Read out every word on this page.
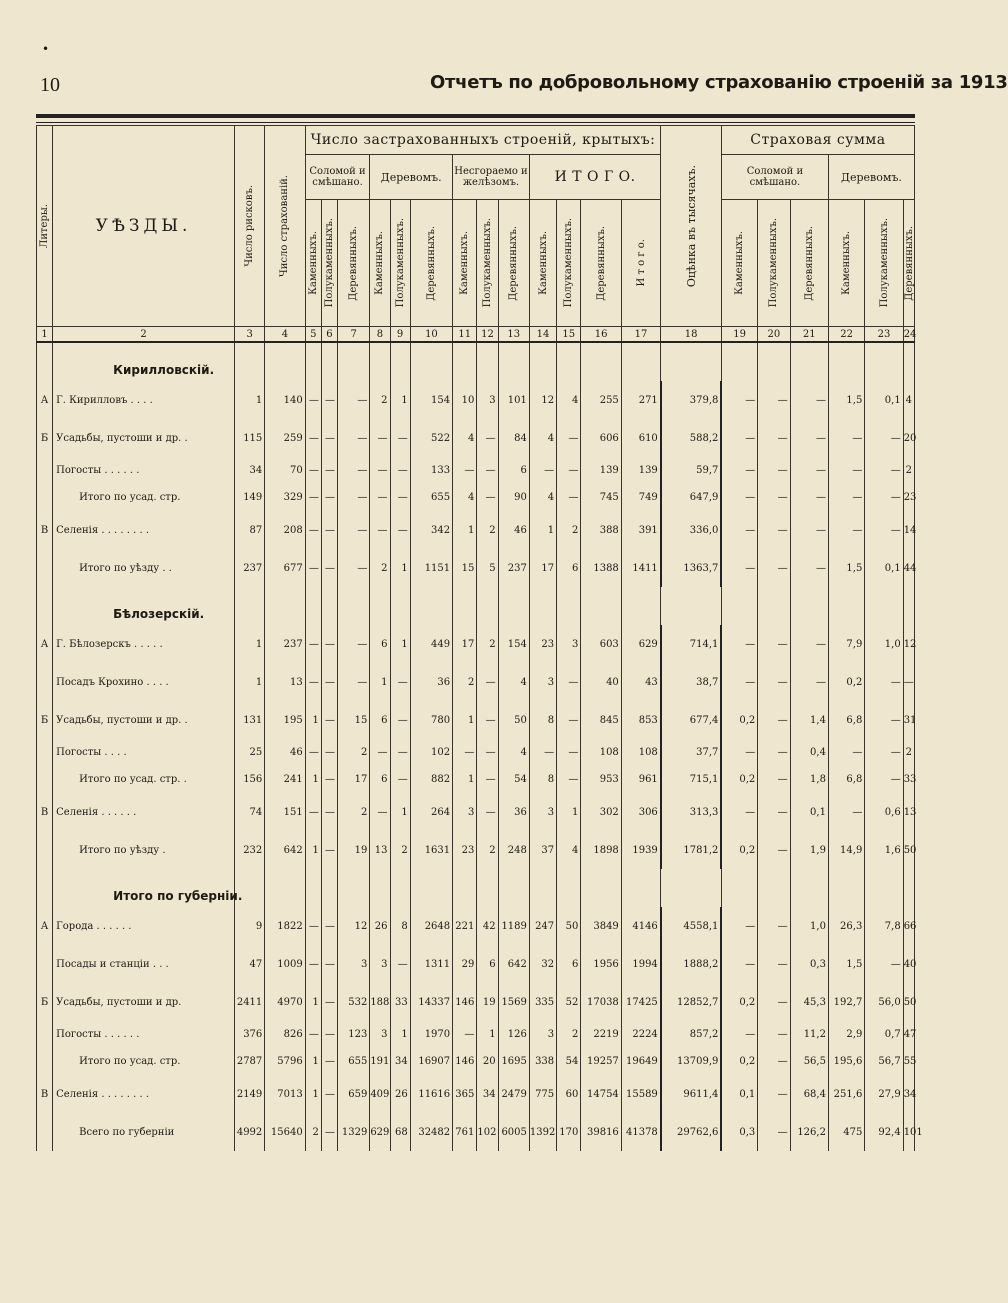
•
10	Отчетъ по добровольному страхованію строеній за 1913
Литеры.	УѢЗДЫ.	Число рисковъ.	Число страхованій.	Число застрахованныхъ строеній, крытыхъ:													Оцѣнка въ тысячахъ.	Страховая сумма					
				Соломой и смѣшано.			Деревомъ.			Несгораемо и желѣзомъ.			И Т О Г О.					Соломой и смѣшано.			Деревомъ.		

				Каменныхъ.	Полукаменныхъ.	Деревянныхъ.	Каменныхъ.	Полукаменныхъ.	Деревянныхъ.	Каменныхъ.	Полукаменныхъ.	Деревянныхъ.	Каменныхъ.	Полукаменныхъ.	Деревянныхъ.	И т о г о.		Каменныхъ.	Полукаменныхъ.	Деревянныхъ.	Каменныхъ.	Полукаменныхъ.	Деревянныхъ.

1	2	3	4	5	6	7	8	9	10	11	12	13	14	15	16	17	18	19	20	21	22	23	24
	Кирилловскій.																						
А	Г. Кирилловъ . . . .	1	140	—	—	—	2	1	154	10	3	101	12	4	255	271	379,8	—	—	—	1,5	0,1	4
Б	Усадьбы, пустоши и др. .	115	259	—	—	—	—	—	522	4	—	84	4	—	606	610	588,2	—	—	—	—	—	20
	Погосты . . . . . .	34	70	—	—	—	—	—	133	—	—	6	—	—	139	139	59,7	—	—	—	—	—	2
	Итого по усад. стр.	149	329	—	—	—	—	—	655	4	—	90	4	—	745	749	647,9	—	—	—	—	—	23
В	Селенія . . . . . . . .	87	208	—	—	—	—	—	342	1	2	46	1	2	388	391	336,0	—	—	—	—	—	14
	Итого по уѣзду . .	237	677	—	—	—	2	1	1151	15	5	237	17	6	1388	1411	1363,7	—	—	—	1,5	0,1	44
	Бѣлозерскій.																						
А	Г. Бѣлозерскъ . . . . .	1	237	—	—	—	6	1	449	17	2	154	23	3	603	629	714,1	—	—	—	7,9	1,0	12
	Посадъ Крохино . . . .	1	13	—	—	—	1	—	36	2	—	4	3	—	40	43	38,7	—	—	—	0,2	—	—
Б	Усадьбы, пустоши и др. .	131	195	1	—	15	6	—	780	1	—	50	8	—	845	853	677,4	0,2	—	1,4	6,8	—	31
	Погосты . . . .	25	46	—	—	2	—	—	102	—	—	4	—	—	108	108	37,7	—	—	0,4	—	—	2
	Итого по усад. стр. .	156	241	1	—	17	6	—	882	1	—	54	8	—	953	961	715,1	0,2	—	1,8	6,8	—	33
В	Селенія . . . . . .	74	151	—	—	2	—	1	264	3	—	36	3	1	302	306	313,3	—	—	0,1	—	0,6	13
	Итого по уѣзду .	232	642	1	—	19	13	2	1631	23	2	248	37	4	1898	1939	1781,2	0,2	—	1,9	14,9	1,6	50
	Итого по губерніи.																						
А	Города . . . . . .	9	1822	—	—	12	26	8	2648	221	42	1189	247	50	3849	4146	4558,1	—	—	1,0	26,3	7,8	66
	Посады и станціи . . .	47	1009	—	—	3	3	—	1311	29	6	642	32	6	1956	1994	1888,2	—	—	0,3	1,5	—	40
Б	Усадьбы, пустоши и др.	2411	4970	1	—	532	188	33	14337	146	19	1569	335	52	17038	17425	12852,7	0,2	—	45,3	192,7	56,0	50
	Погосты . . . . . .	376	826	—	—	123	3	1	1970	—	1	126	3	2	2219	2224	857,2	—	—	11,2	2,9	0,7	47
	Итого по усад. стр.	2787	5796	1	—	655	191	34	16907	146	20	1695	338	54	19257	19649	13709,9	0,2	—	56,5	195,6	56,7	55
В	Селенія . . . . . . . .	2149	7013	1	—	659	409	26	11616	365	34	2479	775	60	14754	15589	9611,4	0,1	—	68,4	251,6	27,9	34
	Всего по губерніи	4992	15640	2	—	1329	629	68	32482	761	102	6005	1392	170	39816	41378	29762,6	0,3	—	126,2	475	92,4	101
